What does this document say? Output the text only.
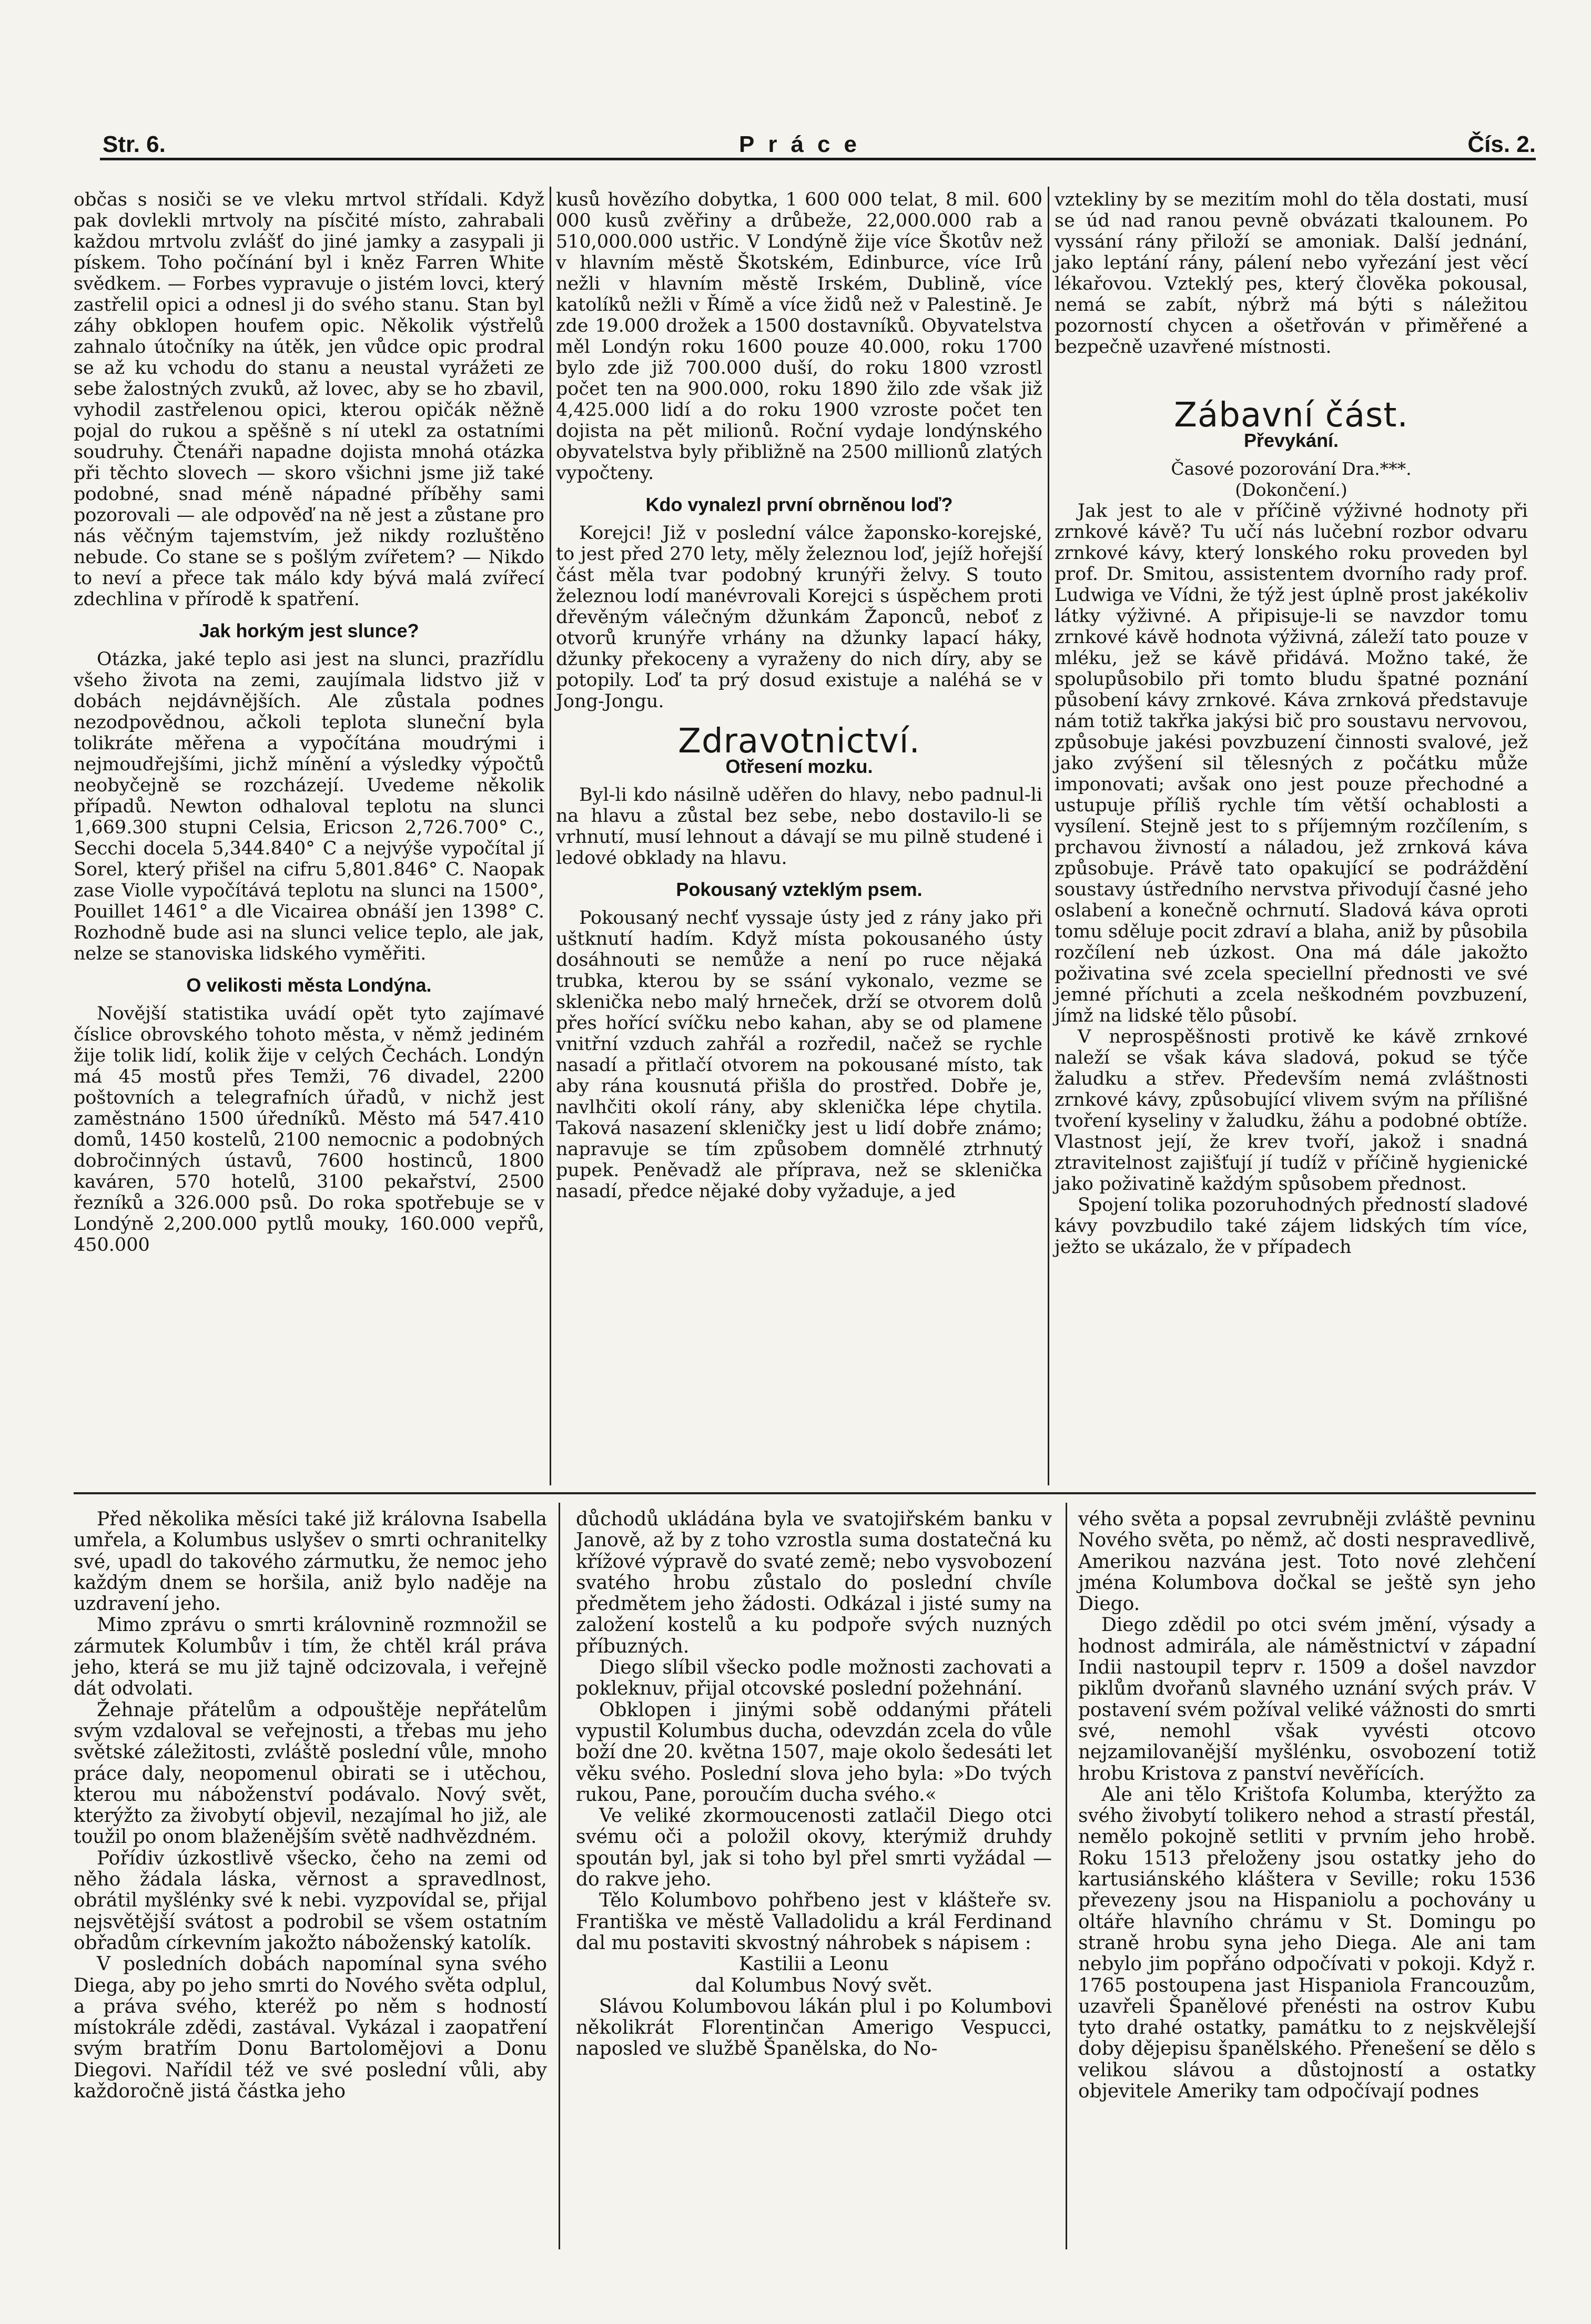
Str. 6.	Práce	Čís. 2.

občas s nosiči se ve vleku mrtvol střídali. Když pak dovlekli mrtvoly na písčité místo, zahrabali každou mrtvolu zvlášť do jiné jamky a zasypali ji pískem. Toho počínání byl i kněz Farren White svědkem. — Forbes vypravuje o jistém lovci, který zastřelil opici a odnesl ji do svého stanu. Stan byl záhy obklopen houfem opic. Několik výstřelů zahnalo útočníky na útěk, jen vůdce opic prodral se až ku vchodu do stanu a neustal vyrážeti ze sebe žalostných zvuků, až lovec, aby se ho zbavil, vyhodil zastřelenou opici, kterou opičák něžně pojal do rukou a spěšně s ní utekl za ostatními soudruhy. Čtenáři napadne dojista mnohá otázka při těchto slovech — skoro všichni jsme již také podobné, snad méně nápadné příběhy sami pozorovali — ale odpověď na ně jest a zůstane pro nás věčným tajemstvím, jež nikdy rozluštěno nebude. Co stane se s pošlým zvířetem? — Nikdo to neví a přece tak málo kdy bývá malá zvířecí zdechlina v přírodě k spatření.

Jak horkým jest slunce?

Otázka, jaké teplo asi jest na slunci, prazřídlu všeho života na zemi, zaujímala lidstvo již v dobách nejdávnějších. Ale zůstala podnes nezodpovědnou, ačkoli teplota sluneční byla tolikráte měřena a vypočítána moudrými i nejmoudřejšími, jichž mínění a výsledky výpočtů neobyčejně se rozcházejí. Uvedeme několik případů. Newton odhaloval teplotu na slunci 1,669.300 stupni Celsia, Ericson 2,726.700° C., Secchi docela 5,344.840° C a nejvýše vypočítal jí Sorel, který přišel na cifru 5,801.846° C. Naopak zase Violle vypočítává teplotu na slunci na 1500°, Pouillet 1461° a dle Vicairea obnáší jen 1398° C. Rozhodně bude asi na slunci velice teplo, ale jak, nelze se stanoviska lidského vyměřiti.

O velikosti města Londýna.

Novější statistika uvádí opět tyto zajímavé číslice obrovského tohoto města, v němž jediném žije tolik lidí, kolik žije v celých Čechách. Londýn má 45 mostů přes Temži, 76 divadel, 2200 poštovních a telegrafních úřadů, v nichž jest zaměstnáno 1500 úředníků. Město má 547.410 domů, 1450 kostelů, 2100 nemocnic a podobných dobročinných ústavů, 7600 hostinců, 1800 kaváren, 570 hotelů, 3100 pekařství, 2500 řezníků a 326.000 psů. Do roka spotřebuje se v Londýně 2,200.000 pytlů mouky, 160.000 vepřů, 450.000

kusů hovězího dobytka, 1 600 000 telat, 8 mil. 600 000 kusů zvěřiny a drůbeže, 22,000.000 rab a 510,000.000 ustřic. V Londýně žije více Škotův než v hlavním městě Škotském, Edinburce, více Irů nežli v hlavním městě Irském, Dublině, více katolíků nežli v Římě a více židů než v Palestině. Je zde 19.000 drožek a 1500 dostavníků. Obyvatelstva měl Londýn roku 1600 pouze 40.000, roku 1700 bylo zde již 700.000 duší, do roku 1800 vzrostl počet ten na 900.000, roku 1890 žilo zde však již 4,425.000 lidí a do roku 1900 vzroste počet ten dojista na pět milionů. Roční vydaje londýnského obyvatelstva byly přibližně na 2500 millionů zlatých vypočteny.

Kdo vynalezl první obrněnou loď?

Korejci! Již v poslední válce žaponsko-korejské, to jest před 270 lety, měly železnou loď, jejíž hořejší část měla tvar podobný krunýři želvy. S touto železnou lodí manévrovali Korejci s úspěchem proti dřevěným válečným džunkám Žaponců, neboť z otvorů krunýře vrhány na džunky lapací háky, džunky překoceny a vyraženy do nich díry, aby se potopily. Loď ta prý dosud existuje a naléhá se v Jong-Jongu.

Zdravotnictví.
Otřesení mozku.

Byl-li kdo násilně uděřen do hlavy, nebo padnul-li na hlavu a zůstal bez sebe, nebo dostavilo-li se vrhnutí, musí lehnout a dávají se mu pilně studené i ledové obklady na hlavu.

Pokousaný vzteklým psem.

Pokousaný nechť vyssaje ústy jed z rány jako při uštknutí hadím. Když místa pokousaného ústy dosáhnouti se nemůže a není po ruce nějaká trubka, kterou by se ssání vykonalo, vezme se sklenička nebo malý hrneček, drží se otvorem dolů přes hořící svíčku nebo kahan, aby se od plamene vnitřní vzduch zahřál a rozředil, načež se rychle nasadí a přitlačí otvorem na pokousané místo, tak aby rána kousnutá přišla do prostřed. Dobře je, navlhčiti okolí rány, aby sklenička lépe chytila. Taková nasazení skleničky jest u lidí dobře známo; napravuje se tím způsobem domnělé ztrhnutý pupek. Peněvadž ale příprava, než se sklenička nasadí, předce nějaké doby vyžaduje, a jed

vztekliny by se mezitím mohl do těla dostati, musí se úd nad ranou pevně obvázati tkalounem. Po vyssání rány přiloží se amoniak. Další jednání, jako leptání rány, pálení nebo vyřezání jest věcí lékařovou. Vzteklý pes, který člověka pokousal, nemá se zabít, nýbrž má býti s náležitou pozorností chycen a ošetřován v přiměřené a bezpečně uzavřené místnosti.

Zábavní část.
Převykání.
Časové pozorování Dra.***.
(Dokončení.)

Jak jest to ale v příčině výživné hodnoty při zrnkové kávě? Tu učí nás lučební rozbor odvaru zrnkové kávy, který lonského roku proveden byl prof. Dr. Smitou, assistentem dvorního rady prof. Ludwiga ve Vídni, že týž jest úplně prost jakékoliv látky výživné. A připisuje-li se navzdor tomu zrnkové kávě hodnota výživná, záleží tato pouze v mléku, jež se kávě přidává. Možno také, že spolupůsobilo při tomto bludu špatné poznání působení kávy zrnkové. Káva zrnková představuje nám totiž takřka jakýsi bič pro soustavu nervovou, způsobuje jakési povzbuzení činnosti svalové, jež jako zvýšení sil tělesných z počátku může imponovati; avšak ono jest pouze přechodné a ustupuje příliš rychle tím větší ochablosti a vysílení. Stejně jest to s příjemným rozčílením, s prchavou živností a náladou, jež zrnková káva způsobuje. Právě tato opakující se podráždění soustavy ústředního nervstva přivodují časné jeho oslabení a konečně ochrnutí. Sladová káva oproti tomu sděluje pocit zdraví a blaha, aniž by působila rozčílení neb úzkost. Ona má dále jakožto poživatina své zcela speciellní přednosti ve své jemné příchuti a zcela neškodném povzbuzení, jímž na lidské tělo působí.

V neprospěšnosti protivě ke kávě zrnkové naleží se však káva sladová, pokud se týče žaludku a střev. Především nemá zvláštnosti zrnkové kávy, způsobující vlivem svým na přílišné tvoření kyseliny v žaludku, žáhu a podobné obtíže. Vlastnost její, že krev tvoří, jakož i snadná ztravitelnost zajišťují jí tudíž v příčině hygienické jako poživatině každým spůsobem přednost.

Spojení tolika pozoruhodných předností sladové kávy povzbudilo také zájem lidských tím více, ježto se ukázalo, že v případech

Před několika měsíci také již královna Isabella umřela, a Kolumbus uslyšev o smrti ochranitelky své, upadl do takového zármutku, že nemoc jeho každým dnem se horšila, aniž bylo naděje na uzdravení jeho.

Mimo zprávu o smrti královnině rozmnožil se zármutek Kolumbův i tím, že chtěl král práva jeho, která se mu již tajně odcizovala, i veřejně dát odvolati.

Žehnaje přátelům a odpouštěje nepřátelům svým vzdaloval se veřejnosti, a třebas mu jeho světské záležitosti, zvláště poslední vůle, mnoho práce daly, neopomenul obirati se i utěchou, kterou mu náboženství podávalo. Nový svět, kterýžto za živobytí objevil, nezajímal ho již, ale toužil po onom blaženějším světě nadhvězdném.

Pořídiv úzkostlivě všecko, čeho na zemi od něho žádala láska, věrnost a spravedlnost, obrátil myšlénky své k nebi. vyzpovídal se, přijal nejsvětější svátost a podrobil se všem ostatním obřadům církevním jakožto náboženský katolík.

V posledních dobách napomínal syna svého Diega, aby po jeho smrti do Nového světa odplul, a práva svého, kteréž po něm s hodností místokrále zdědi, zastával. Vykázal i zaopatření svým bratřím Donu Bartolomějovi a Donu Diegovi. Nařídil též ve své poslední vůli, aby každoročně jistá částka jeho

důchodů ukládána byla ve svatojiřském banku v Janově, až by z toho vzrostla suma dostatečná ku křížové výpravě do svaté země; nebo vysvobození svatého hrobu zůstalo do poslední chvíle předmětem jeho žádosti. Odkázal i jisté sumy na založení kostelů a ku podpoře svých nuzných příbuzných.

Diego slíbil všecko podle možnosti zachovati a pokleknuv, přijal otcovské poslední požehnání.

Obklopen i jinými sobě oddanými přáteli vypustil Kolumbus ducha, odevzdán zcela do vůle boží dne 20. května 1507, maje okolo šedesáti let věku svého. Poslední slova jeho byla: »Do tvých rukou, Pane, poroučím ducha svého.«

Ve veliké zkormoucenosti zatlačil Diego otci svému oči a položil okovy, kterýmiž druhdy spoután byl, jak si toho byl přel smrti vyžádal — do rakve jeho.

Tělo Kolumbovo pohřbeno jest v klášteře sv. Františka ve městě Valladolidu a král Ferdinand dal mu postaviti skvostný náhrobek s nápisem :

Kastilii a Leonu
dal Kolumbus Nový svět.

Slávou Kolumbovou lákán plul i po Kolumbovi několikrát Florentinčan Amerigo Vespucci, naposled ve službě Španělska, do No-

vého světa a popsal zevrubněji zvláště pevninu Nového světa, po němž, ač dosti nespravedlivě, Amerikou nazvána jest. Toto nové zlehčení jména Kolumbova dočkal se ještě syn jeho Diego.

Diego zdědil po otci svém jmění, výsady a hodnost admirála, ale náměstnictví v západní Indii nastoupil teprv r. 1509 a došel navzdor piklům dvořanů slavného uznání svých práv. V postavení svém požíval veliké vážnosti do smrti své, nemohl však vyvésti otcovo nejzamilovanější myšlénku, osvobození totiž hrobu Kristova z panství nevěřících.

Ale ani tělo Krištofa Kolumba, kterýžto za svého živobytí tolikero nehod a strastí přestál, nemělo pokojně setliti v prvním jeho hrobě. Roku 1513 přeloženy jsou ostatky jeho do kartusiánského kláštera v Seville; roku 1536 převezeny jsou na Hispaniolu a pochovány u oltáře hlavního chrámu v St. Domingu po straně hrobu syna jeho Diega. Ale ani tam nebylo jim popřáno odpočívati v pokoji. Když r. 1765 postoupena jast Hispaniola Francouzům, uzavřeli Španělové přenésti na ostrov Kubu tyto drahé ostatky, památku to z nejskvělejší doby dějepisu španělského. Přenešení se dělo s velikou slávou a důstojností a ostatky objevitele Ameriky tam odpočívají podnes
